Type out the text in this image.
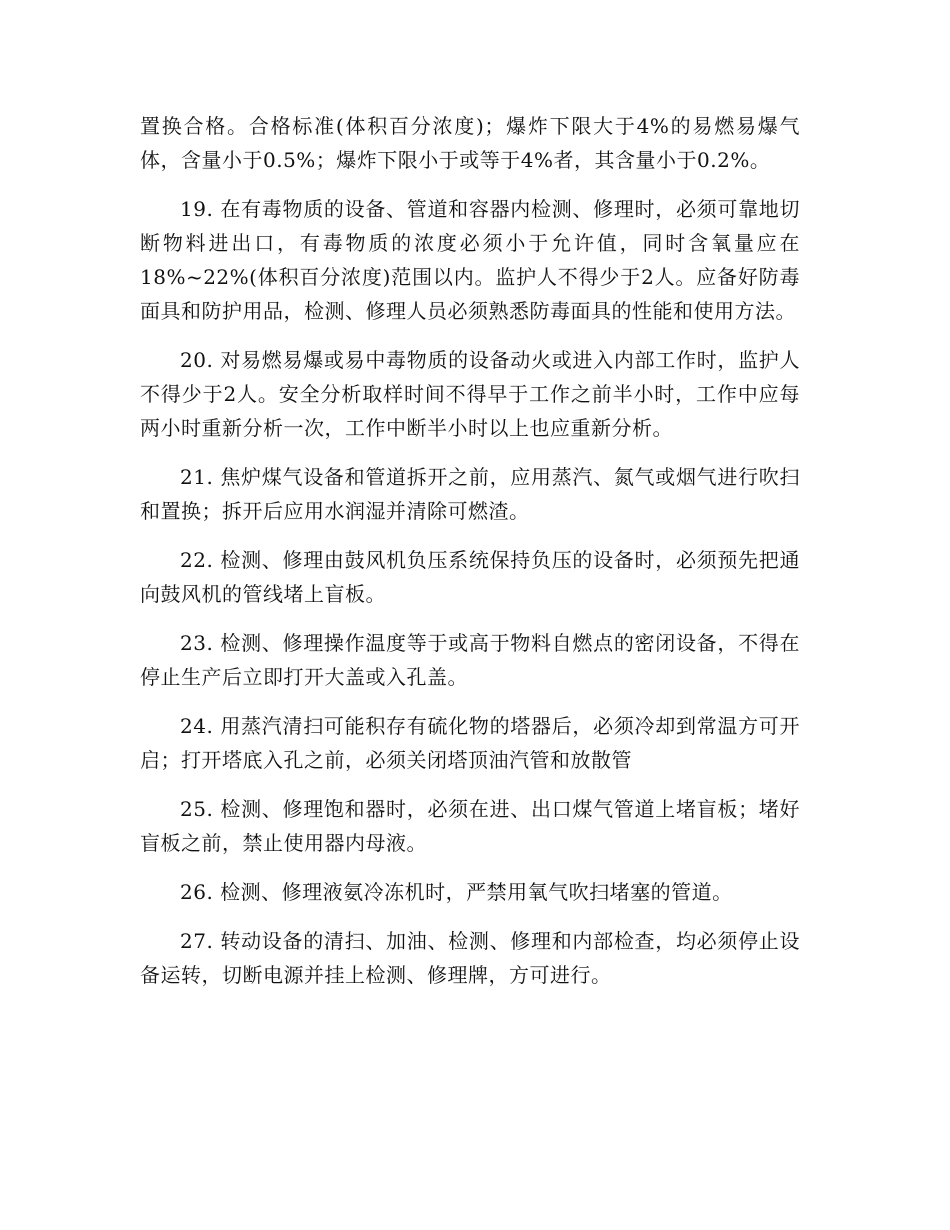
置换合格。合格标准(体积百分浓度)；爆炸下限大于4%的易燃易爆气体，含量小于0.5%；爆炸下限小于或等于4%者，其含量小于0.2%。

19. 在有毒物质的设备、管道和容器内检测、修理时，必须可靠地切断物料进出口，有毒物质的浓度必须小于允许值，同时含氧量应在18%~22%(体积百分浓度)范围以内。监护人不得少于2人。应备好防毒面具和防护用品，检测、修理人员必须熟悉防毒面具的性能和使用方法。

20. 对易燃易爆或易中毒物质的设备动火或进入内部工作时，监护人不得少于2人。安全分析取样时间不得早于工作之前半小时，工作中应每两小时重新分析一次，工作中断半小时以上也应重新分析。

21. 焦炉煤气设备和管道拆开之前，应用蒸汽、氮气或烟气进行吹扫和置换；拆开后应用水润湿并清除可燃渣。

22. 检测、修理由鼓风机负压系统保持负压的设备时，必须预先把通向鼓风机的管线堵上盲板。

23. 检测、修理操作温度等于或高于物料自燃点的密闭设备，不得在停止生产后立即打开大盖或入孔盖。

24. 用蒸汽清扫可能积存有硫化物的塔器后，必须冷却到常温方可开启；打开塔底入孔之前，必须关闭塔顶油汽管和放散管

25. 检测、修理饱和器时，必须在进、出口煤气管道上堵盲板；堵好盲板之前，禁止使用器内母液。

26. 检测、修理液氨冷冻机时，严禁用氧气吹扫堵塞的管道。

27. 转动设备的清扫、加油、检测、修理和内部检查，均必须停止设备运转，切断电源并挂上检测、修理牌，方可进行。
